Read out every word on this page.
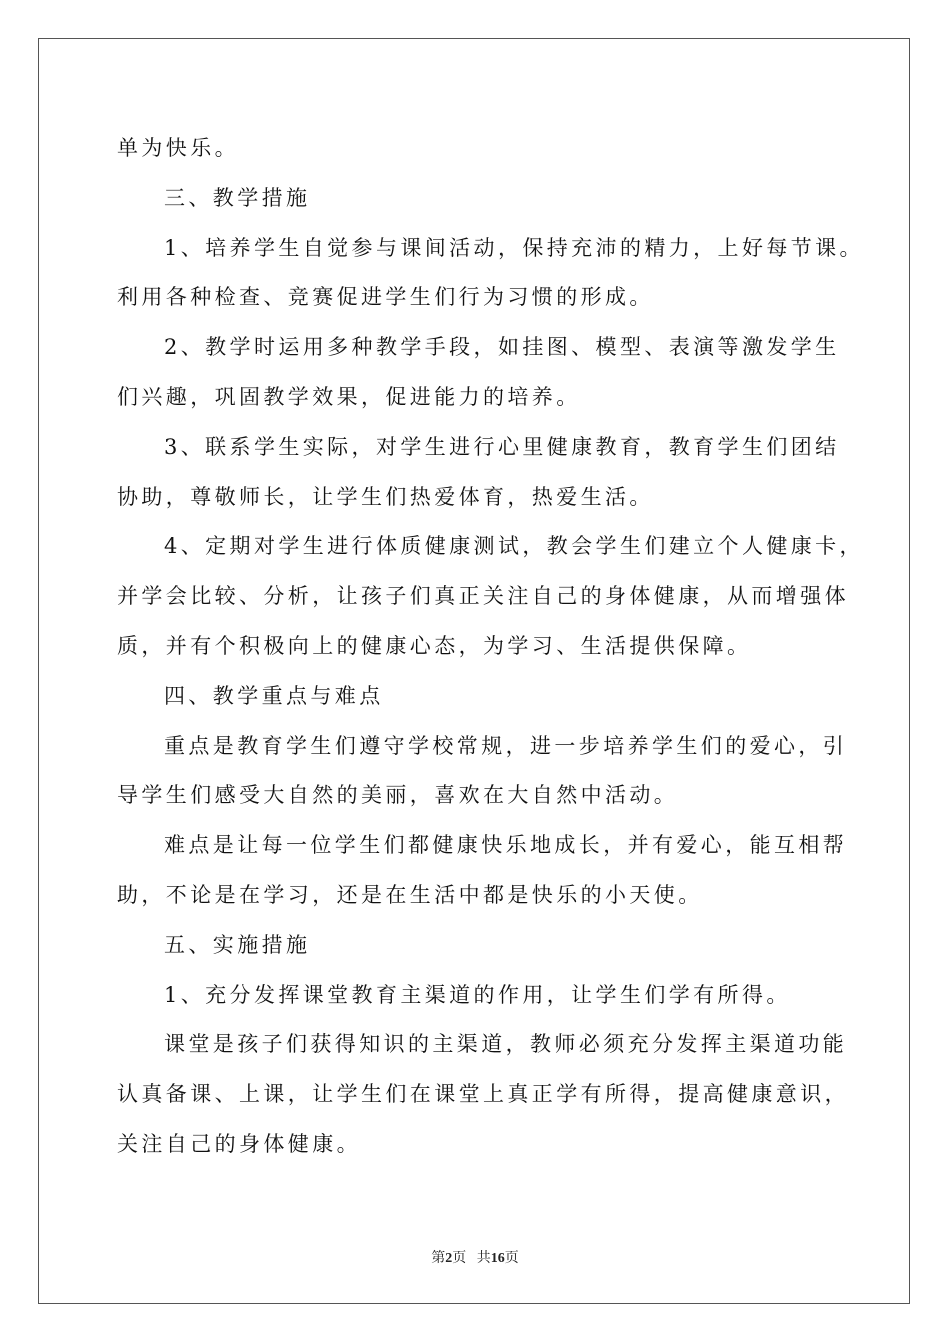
单为快乐。
三、教学措施
1、培养学生自觉参与课间活动，保持充沛的精力，上好每节课。
利用各种检查、竞赛促进学生们行为习惯的形成。
2、教学时运用多种教学手段，如挂图、模型、表演等激发学生
们兴趣，巩固教学效果，促进能力的培养。
3、联系学生实际，对学生进行心里健康教育，教育学生们团结
协助，尊敬师长，让学生们热爱体育，热爱生活。
4、定期对学生进行体质健康测试，教会学生们建立个人健康卡，
并学会比较、分析，让孩子们真正关注自己的身体健康，从而增强体
质，并有个积极向上的健康心态，为学习、生活提供保障。
四、教学重点与难点
重点是教育学生们遵守学校常规，进一步培养学生们的爱心，引
导学生们感受大自然的美丽，喜欢在大自然中活动。
难点是让每一位学生们都健康快乐地成长，并有爱心，能互相帮
助，不论是在学习，还是在生活中都是快乐的小天使。
五、实施措施
1、充分发挥课堂教育主渠道的作用，让学生们学有所得。
课堂是孩子们获得知识的主渠道，教师必须充分发挥主渠道功能
认真备课、上课，让学生们在课堂上真正学有所得，提高健康意识，
关注自己的身体健康。
第2页 共16页
